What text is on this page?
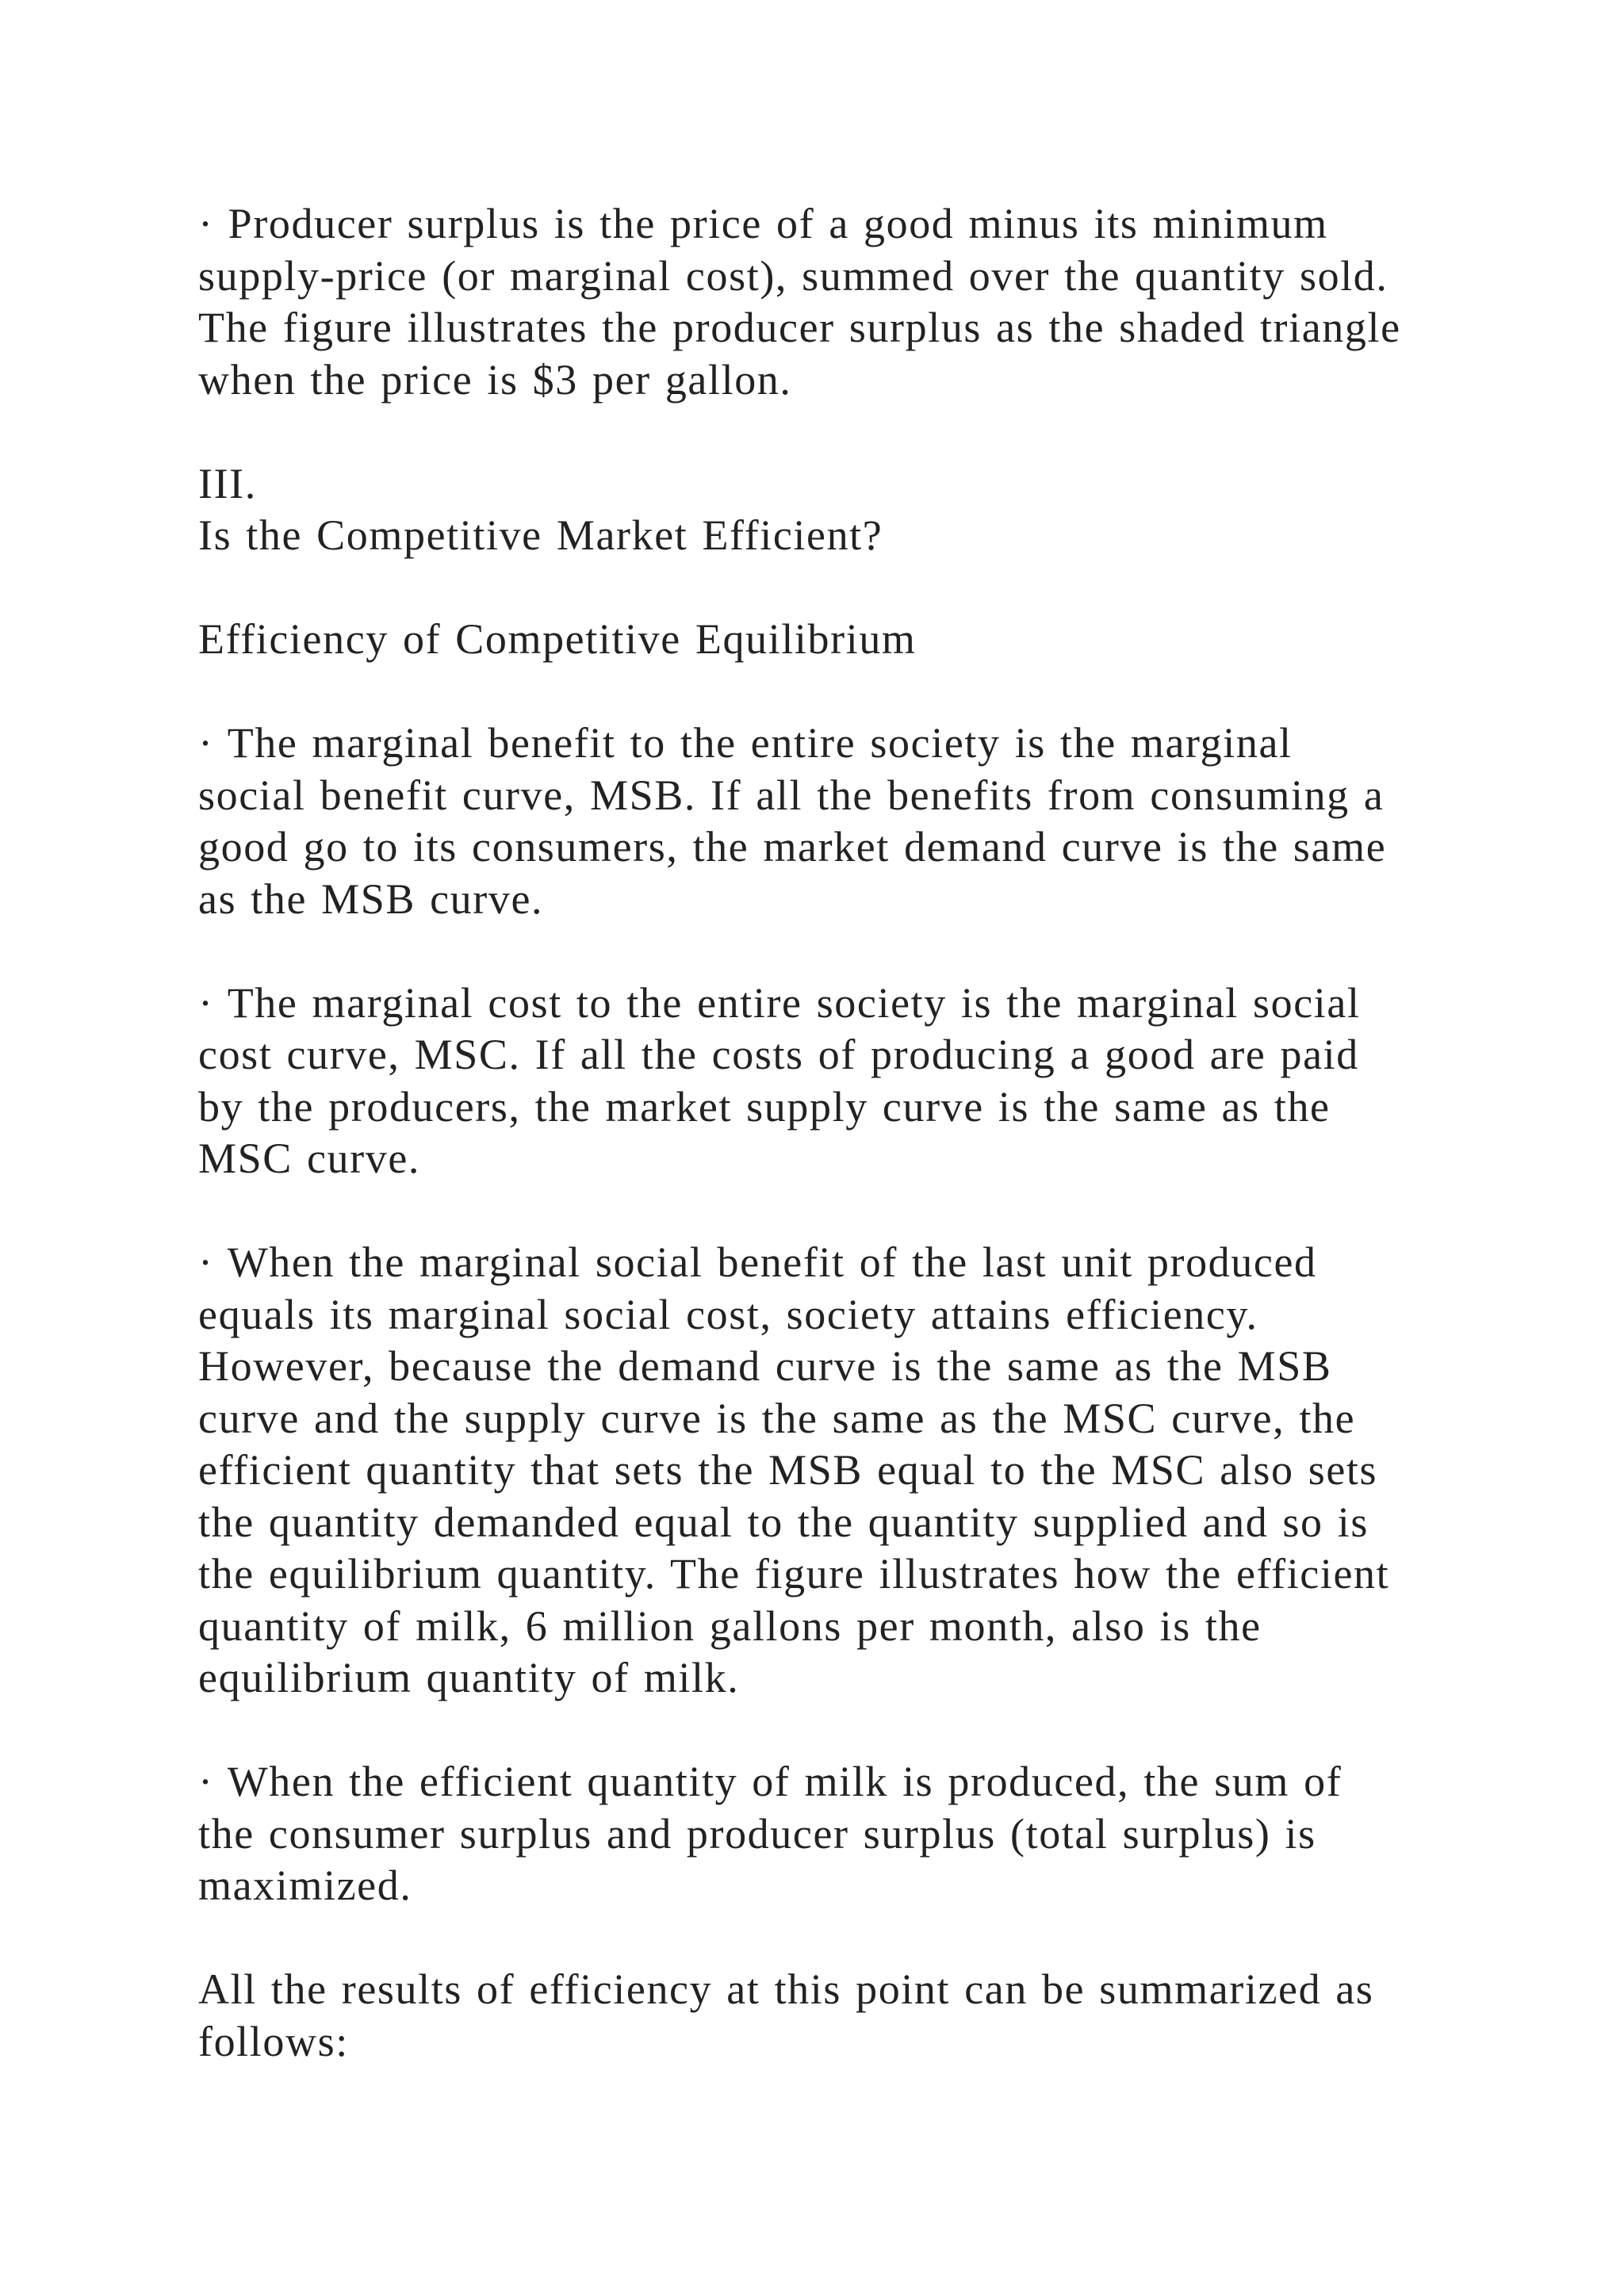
· Producer surplus is the price of a good minus its minimum
supply-price (or marginal cost), summed over the quantity sold.
The figure illustrates the producer surplus as the shaded triangle
when the price is $3 per gallon.
III.
Is the Competitive Market Efficient?
Efficiency of Competitive Equilibrium
· The marginal benefit to the entire society is the marginal
social benefit curve, MSB. If all the benefits from consuming a
good go to its consumers, the market demand curve is the same
as the MSB curve.
· The marginal cost to the entire society is the marginal social
cost curve, MSC. If all the costs of producing a good are paid
by the producers, the market supply curve is the same as the
MSC curve.
· When the marginal social benefit of the last unit produced
equals its marginal social cost, society attains efficiency.
However, because the demand curve is the same as the MSB
curve and the supply curve is the same as the MSC curve, the
efficient quantity that sets the MSB equal to the MSC also sets
the quantity demanded equal to the quantity supplied and so is
the equilibrium quantity. The figure illustrates how the efficient
quantity of milk, 6 million gallons per month, also is the
equilibrium quantity of milk.
· When the efficient quantity of milk is produced, the sum of
the consumer surplus and producer surplus (total surplus) is
maximized.
All the results of efficiency at this point can be summarized as
follows:
